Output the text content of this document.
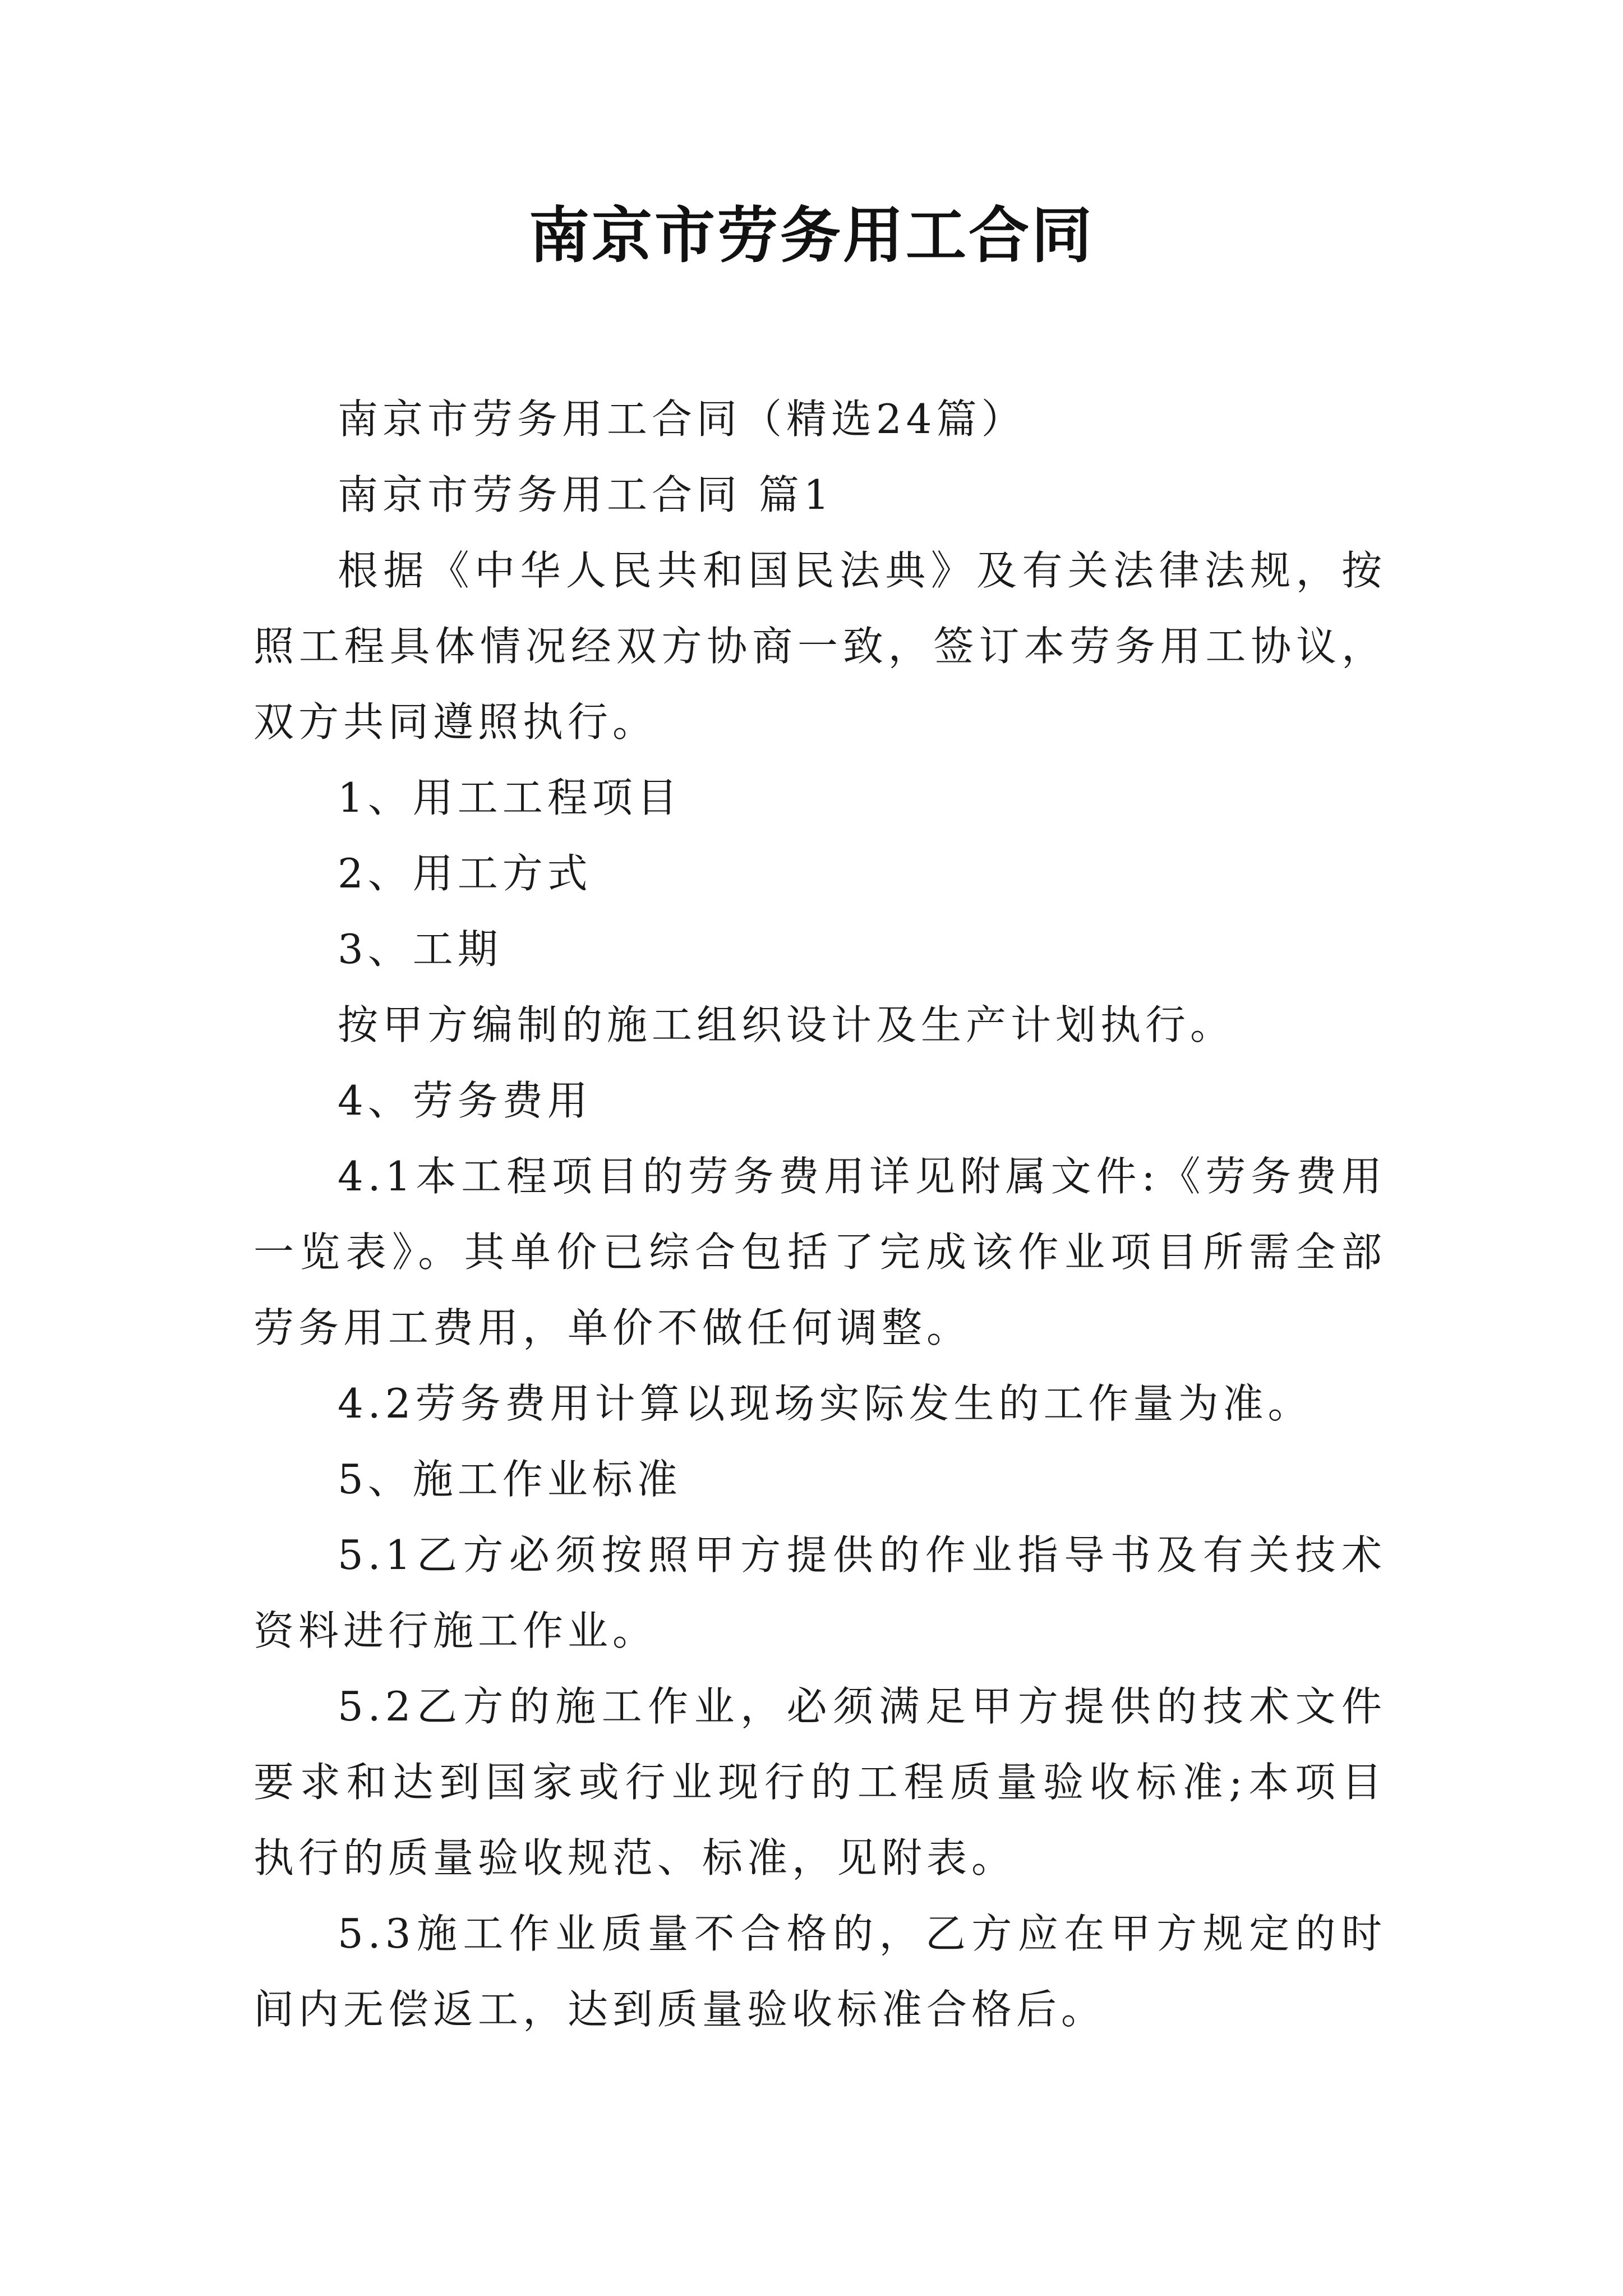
南京市劳务用工合同

南京市劳务用工合同（精选24篇）

南京市劳务用工合同 篇1

根据《中华人民共和国民法典》及有关法律法规，按照工程具体情况经双方协商一致，签订本劳务用工协议，双方共同遵照执行。

1、用工工程项目

2、用工方式

3、工期

按甲方编制的施工组织设计及生产计划执行。

4、劳务费用

4.1本工程项目的劳务费用详见附属文件:《劳务费用一览表》。其单价已综合包括了完成该作业项目所需全部劳务用工费用，单价不做任何调整。

4.2劳务费用计算以现场实际发生的工作量为准。

5、施工作业标准

5.1乙方必须按照甲方提供的作业指导书及有关技术资料进行施工作业。

5.2乙方的施工作业，必须满足甲方提供的技术文件要求和达到国家或行业现行的工程质量验收标准;本项目执行的质量验收规范、标准，见附表。

5.3施工作业质量不合格的，乙方应在甲方规定的时间内无偿返工，达到质量验收标准合格后。
